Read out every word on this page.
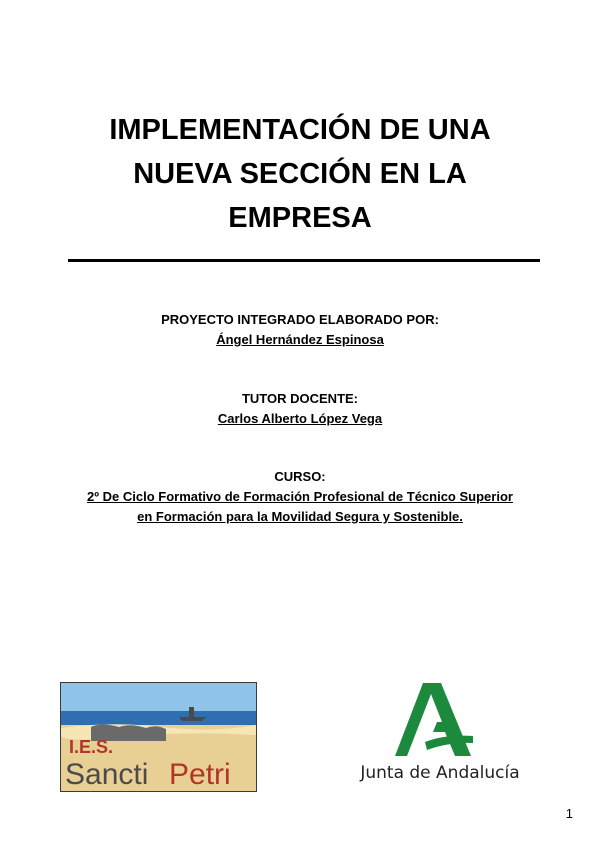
IMPLEMENTACIÓN DE UNA
NUEVA SECCIÓN EN LA
EMPRESA
PROYECTO INTEGRADO ELABORADO POR:
Ángel Hernández Espinosa
TUTOR DOCENTE:
Carlos Alberto López Vega
CURSO:
2º De Ciclo Formativo de Formación Profesional de Técnico Superior
en Formación para la Movilidad Segura y Sostenible.
I.E.S.
Sancti Petri	Junta de Andalucía
1
